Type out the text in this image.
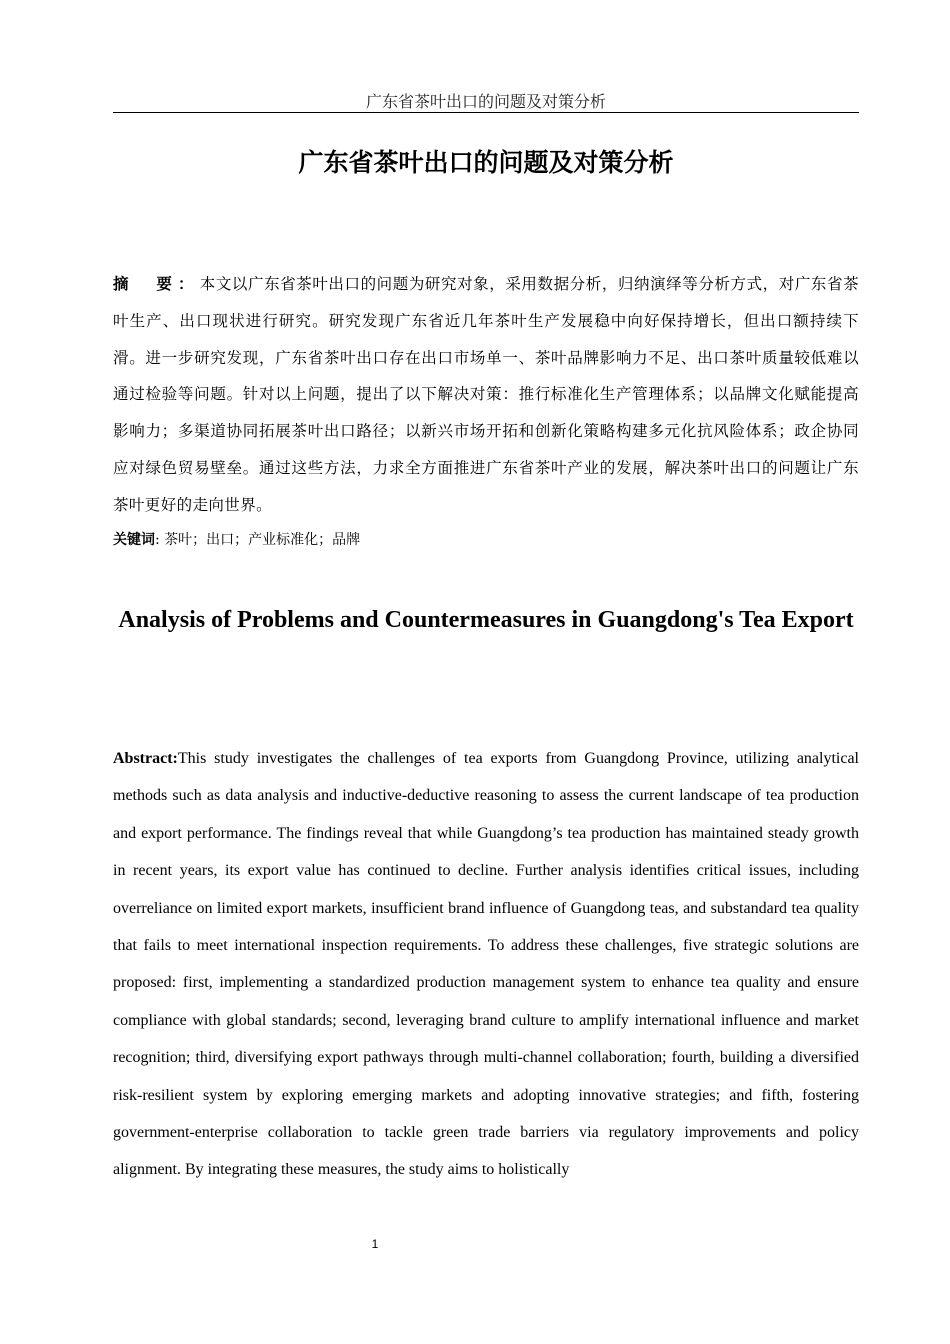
广东省茶叶出口的问题及对策分析
广东省茶叶出口的问题及对策分析

摘　要：本文以广东省茶叶出口的问题为研究对象，采用数据分析，归纳演绎等分析方式，对广东省茶叶生产、出口现状进行研究。研究发现广东省近几年茶叶生产发展稳中向好保持增长，但出口额持续下滑。进一步研究发现，广东省茶叶出口存在出口市场单一、茶叶品牌影响力不足、出口茶叶质量较低难以通过检验等问题。针对以上问题，提出了以下解决对策：推行标准化生产管理体系；以品牌文化赋能提高影响力；多渠道协同拓展茶叶出口路径；以新兴市场开拓和创新化策略构建多元化抗风险体系；政企协同应对绿色贸易壁垒。通过这些方法，力求全方面推进广东省茶叶产业的发展，解决茶叶出口的问题让广东茶叶更好的走向世界。

关键词: 茶叶；出口；产业标准化；品牌

Analysis of Problems and Countermeasures in Guangdong's Tea Export

Abstract:This study investigates the challenges of tea exports from Guangdong Province, utilizing analytical methods such as data analysis and inductive-deductive reasoning to assess the current landscape of tea production and export performance. The findings reveal that while Guangdong’s tea production has maintained steady growth in recent years, its export value has continued to decline. Further analysis identifies critical issues, including overreliance on limited export markets, insufficient brand influence of Guangdong teas, and substandard tea quality that fails to meet international inspection requirements. To address these challenges, five strategic solutions are proposed: first, implementing a standardized production management system to enhance tea quality and ensure compliance with global standards; second, leveraging brand culture to amplify international influence and market recognition; third, diversifying export pathways through multi-channel collaboration; fourth, building a diversified risk-resilient system by exploring emerging markets and adopting innovative strategies; and fifth, fostering government-enterprise collaboration to tackle green trade barriers via regulatory improvements and policy alignment. By integrating these measures, the study aims to holistically

1
